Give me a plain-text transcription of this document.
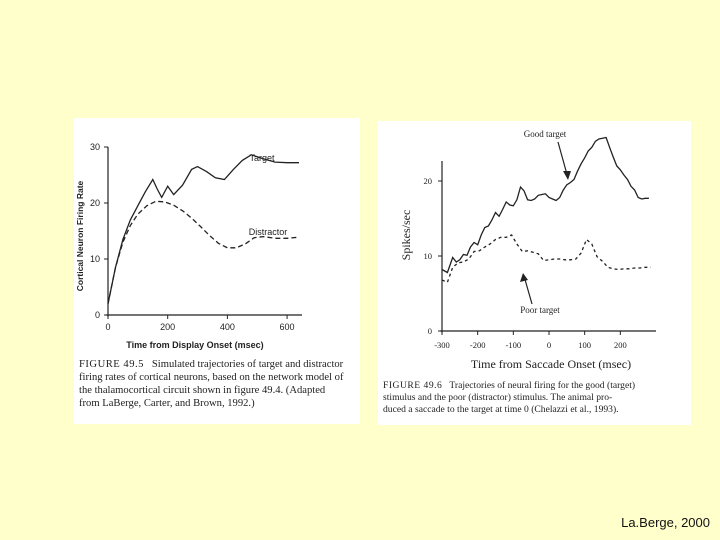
0	200	400	600
0
10
20
30
Time from Display Onset (msec)
Cortical Neuron Firing Rate
Target
Distractor
-300 -200 -100	0	100	200
0
10
20
Time from Saccade Onset (msec)
Spikes/sec
Good target
Poor target
FIGURE 49.5 Simulated trajectories of target and distractor
firing rates of cortical neurons, based on the network model of
the thalamocortical circuit shown in figure 49.4. (Adapted
from LaBerge, Carter, and Brown, 1992.)
FIGURE 49.6 Trajectories of neural firing for the good (target)
stimulus and the poor (distractor) stimulus. The animal pro-
duced a saccade to the target at time 0 (Chelazzi et al., 1993).
La.Berge, 2000
